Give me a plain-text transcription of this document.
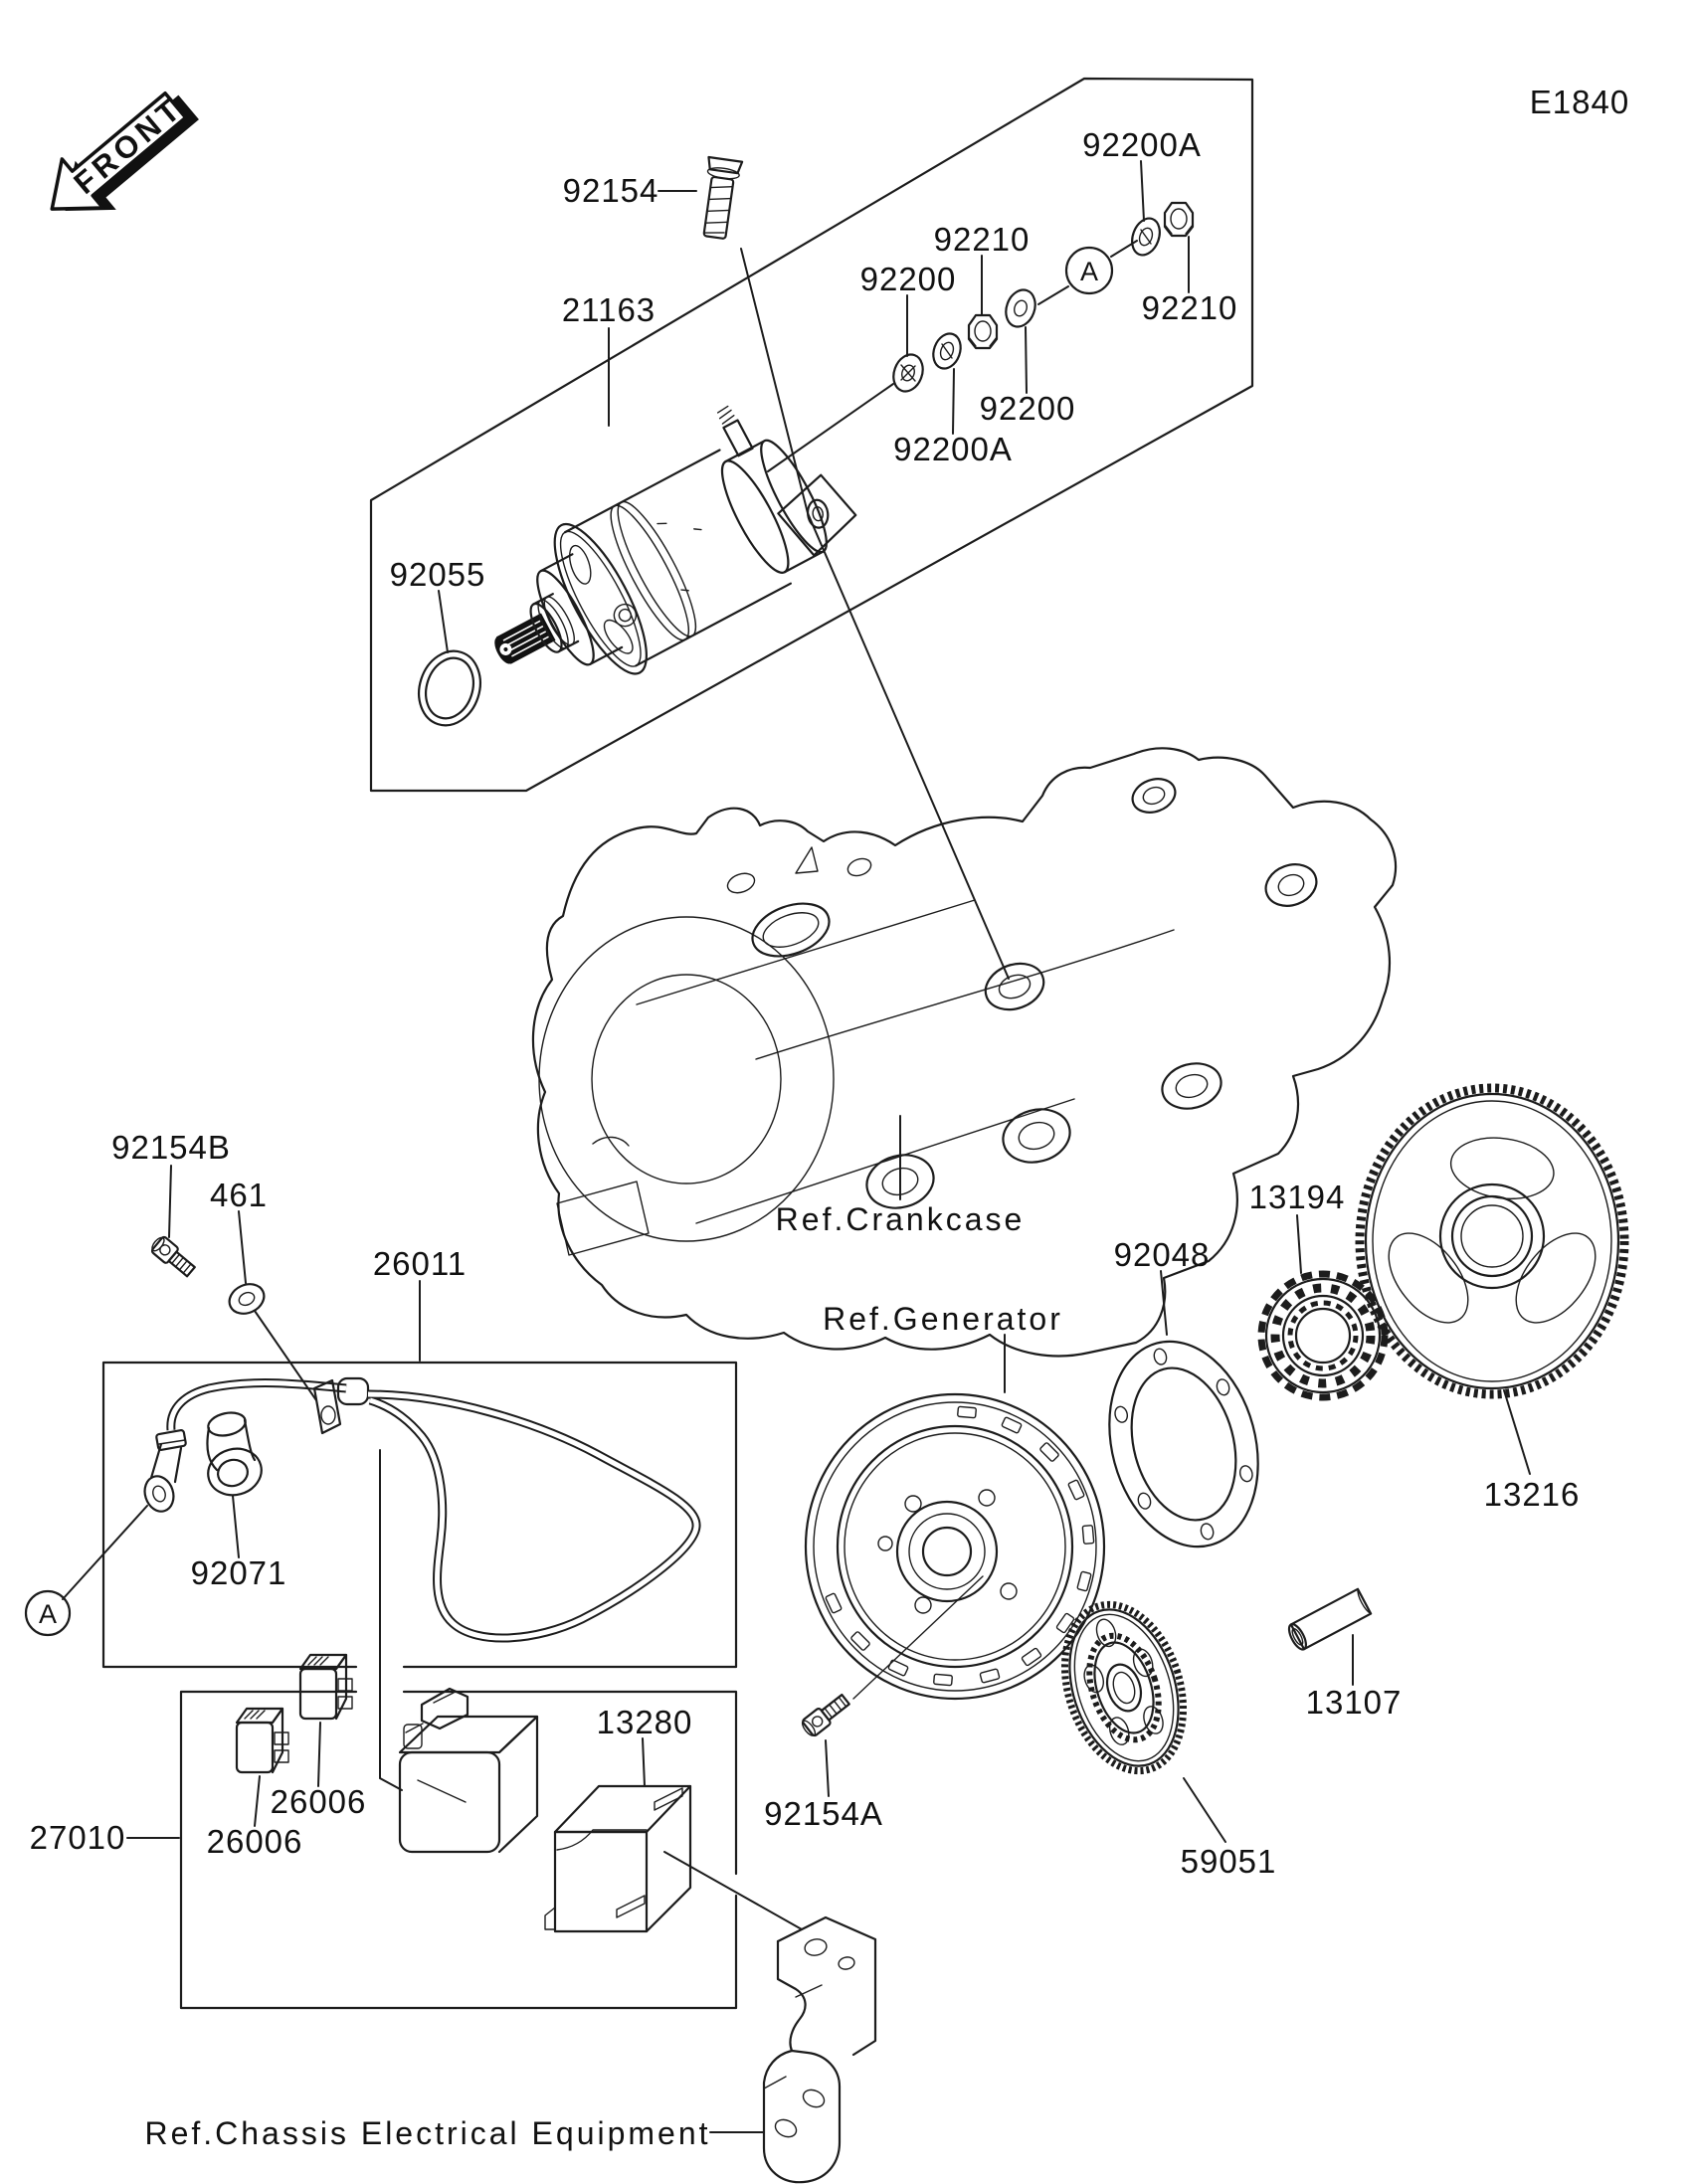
E1840
FRONT
A
A
92154
21163
92055
92200
92210
92200A
92210
92200
92200A
Ref.Crankcase
Ref.Generator
92048
13194
13216
13107
59051
92154A
92154B
461
26011
92071
26006
26006
27010
13280
Ref.Chassis Electrical Equipment
